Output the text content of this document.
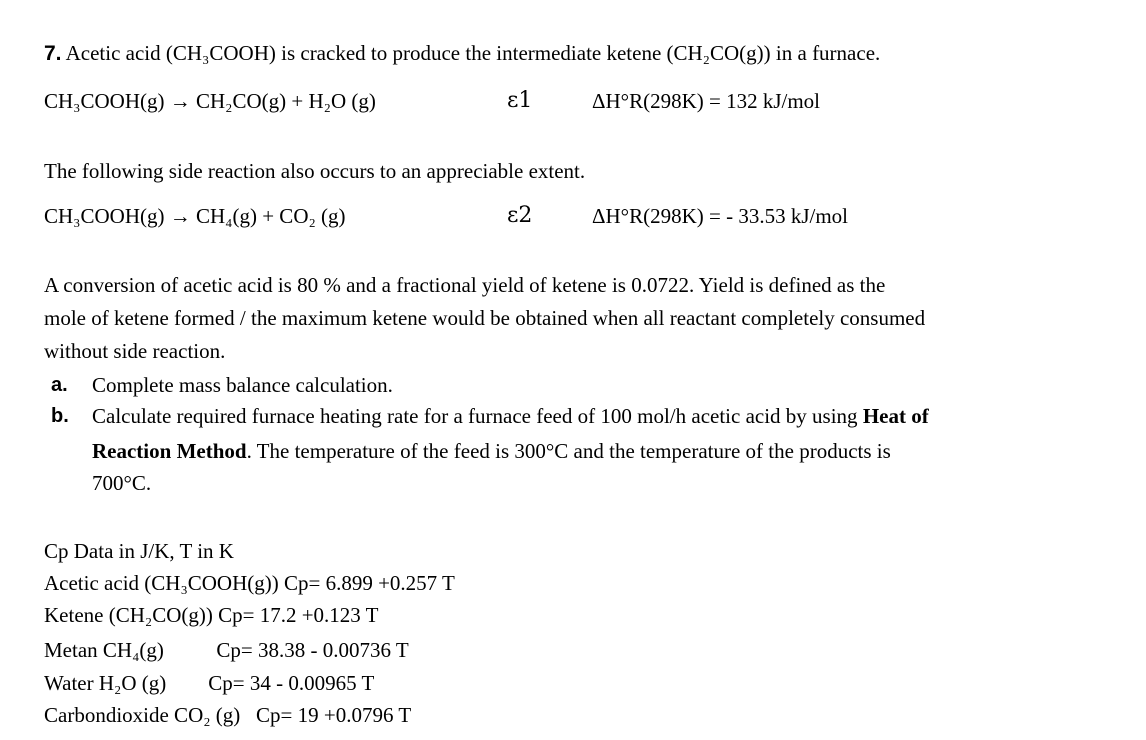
7. Acetic acid (CH₃COOH) is cracked to produce the intermediate ketene (CH₂CO(g)) in a furnace.
CH₃COOH(g) → CH₂CO(g) + H₂O (g)	ε1	ΔH°R(298K) = 132 kJ/mol
The following side reaction also occurs to an appreciable extent.
CH₃COOH(g) → CH₄(g) + CO₂ (g)	ε2	ΔH°R(298K) = - 33.53 kJ/mol
A conversion of acetic acid is 80 % and a fractional yield of ketene is 0.0722. Yield is defined as the
mole of ketene formed / the maximum ketene would be obtained when all reactant completely consumed
without side reaction.
a. Complete mass balance calculation.
b. Calculate required furnace heating rate for a furnace feed of 100 mol/h acetic acid by using Heat of
Reaction Method. The temperature of the feed is 300°C and the temperature of the products is
700°C.
Cp Data in J/K, T in K
Acetic acid (CH₃COOH(g)) Cp= 6.899 +0.257 T
Ketene (CH₂CO(g)) Cp= 17.2 +0.123 T
Metan CH₄(g)          Cp= 38.38 - 0.00736 T
Water H₂O (g)        Cp= 34 - 0.00965 T
Carbondioxide CO₂ (g)   Cp= 19 +0.0796 T
